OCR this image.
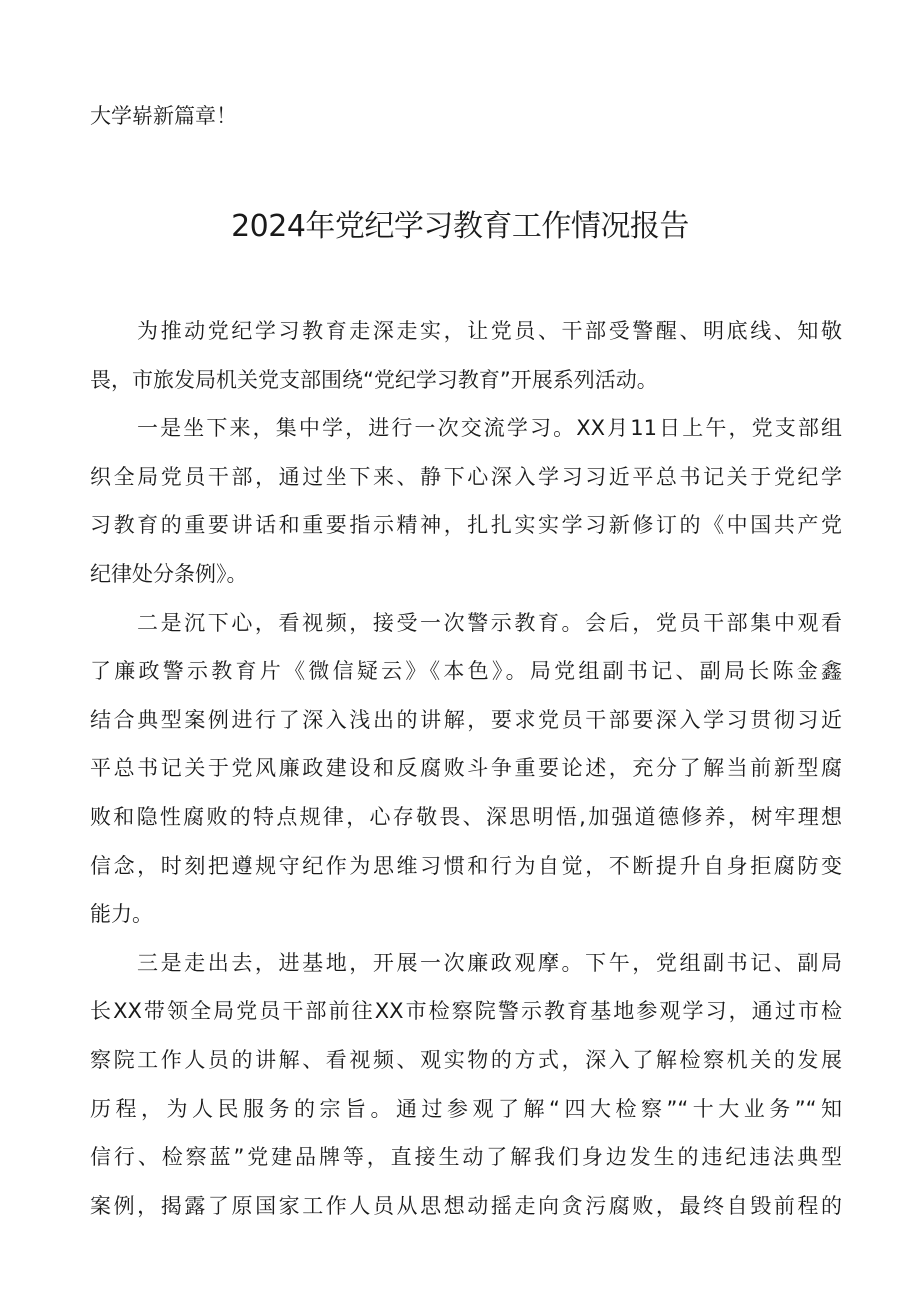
大学崭新篇章！
2024年党纪学习教育工作情况报告
为推动党纪学习教育走深走实，让党员、干部受警醒、明底线、知敬
畏，市旅发局机关党支部围绕“党纪学习教育”开展系列活动。
一是坐下来，集中学，进行一次交流学习。XX月11日上午，党支部组
织全局党员干部，通过坐下来、静下心深入学习习近平总书记关于党纪学
习教育的重要讲话和重要指示精神，扎扎实实学习新修订的《中国共产党
纪律处分条例》。
二是沉下心，看视频，接受一次警示教育。会后，党员干部集中观看
了廉政警示教育片《微信疑云》《本色》。局党组副书记、副局长陈金鑫
结合典型案例进行了深入浅出的讲解，要求党员干部要深入学习贯彻习近
平总书记关于党风廉政建设和反腐败斗争重要论述，充分了解当前新型腐
败和隐性腐败的特点规律，心存敬畏、深思明悟,加强道德修养，树牢理想
信念，时刻把遵规守纪作为思维习惯和行为自觉，不断提升自身拒腐防变
能力。
三是走出去，进基地，开展一次廉政观摩。下午，党组副书记、副局
长XX带领全局党员干部前往XX市检察院警示教育基地参观学习，通过市检
察院工作人员的讲解、看视频、观实物的方式，深入了解检察机关的发展
历程，为人民服务的宗旨。通过参观了解“四大检察”“十大业务”“知
信行、检察蓝”党建品牌等，直接生动了解我们身边发生的违纪违法典型
案例，揭露了原国家工作人员从思想动摇走向贪污腐败，最终自毁前程的
